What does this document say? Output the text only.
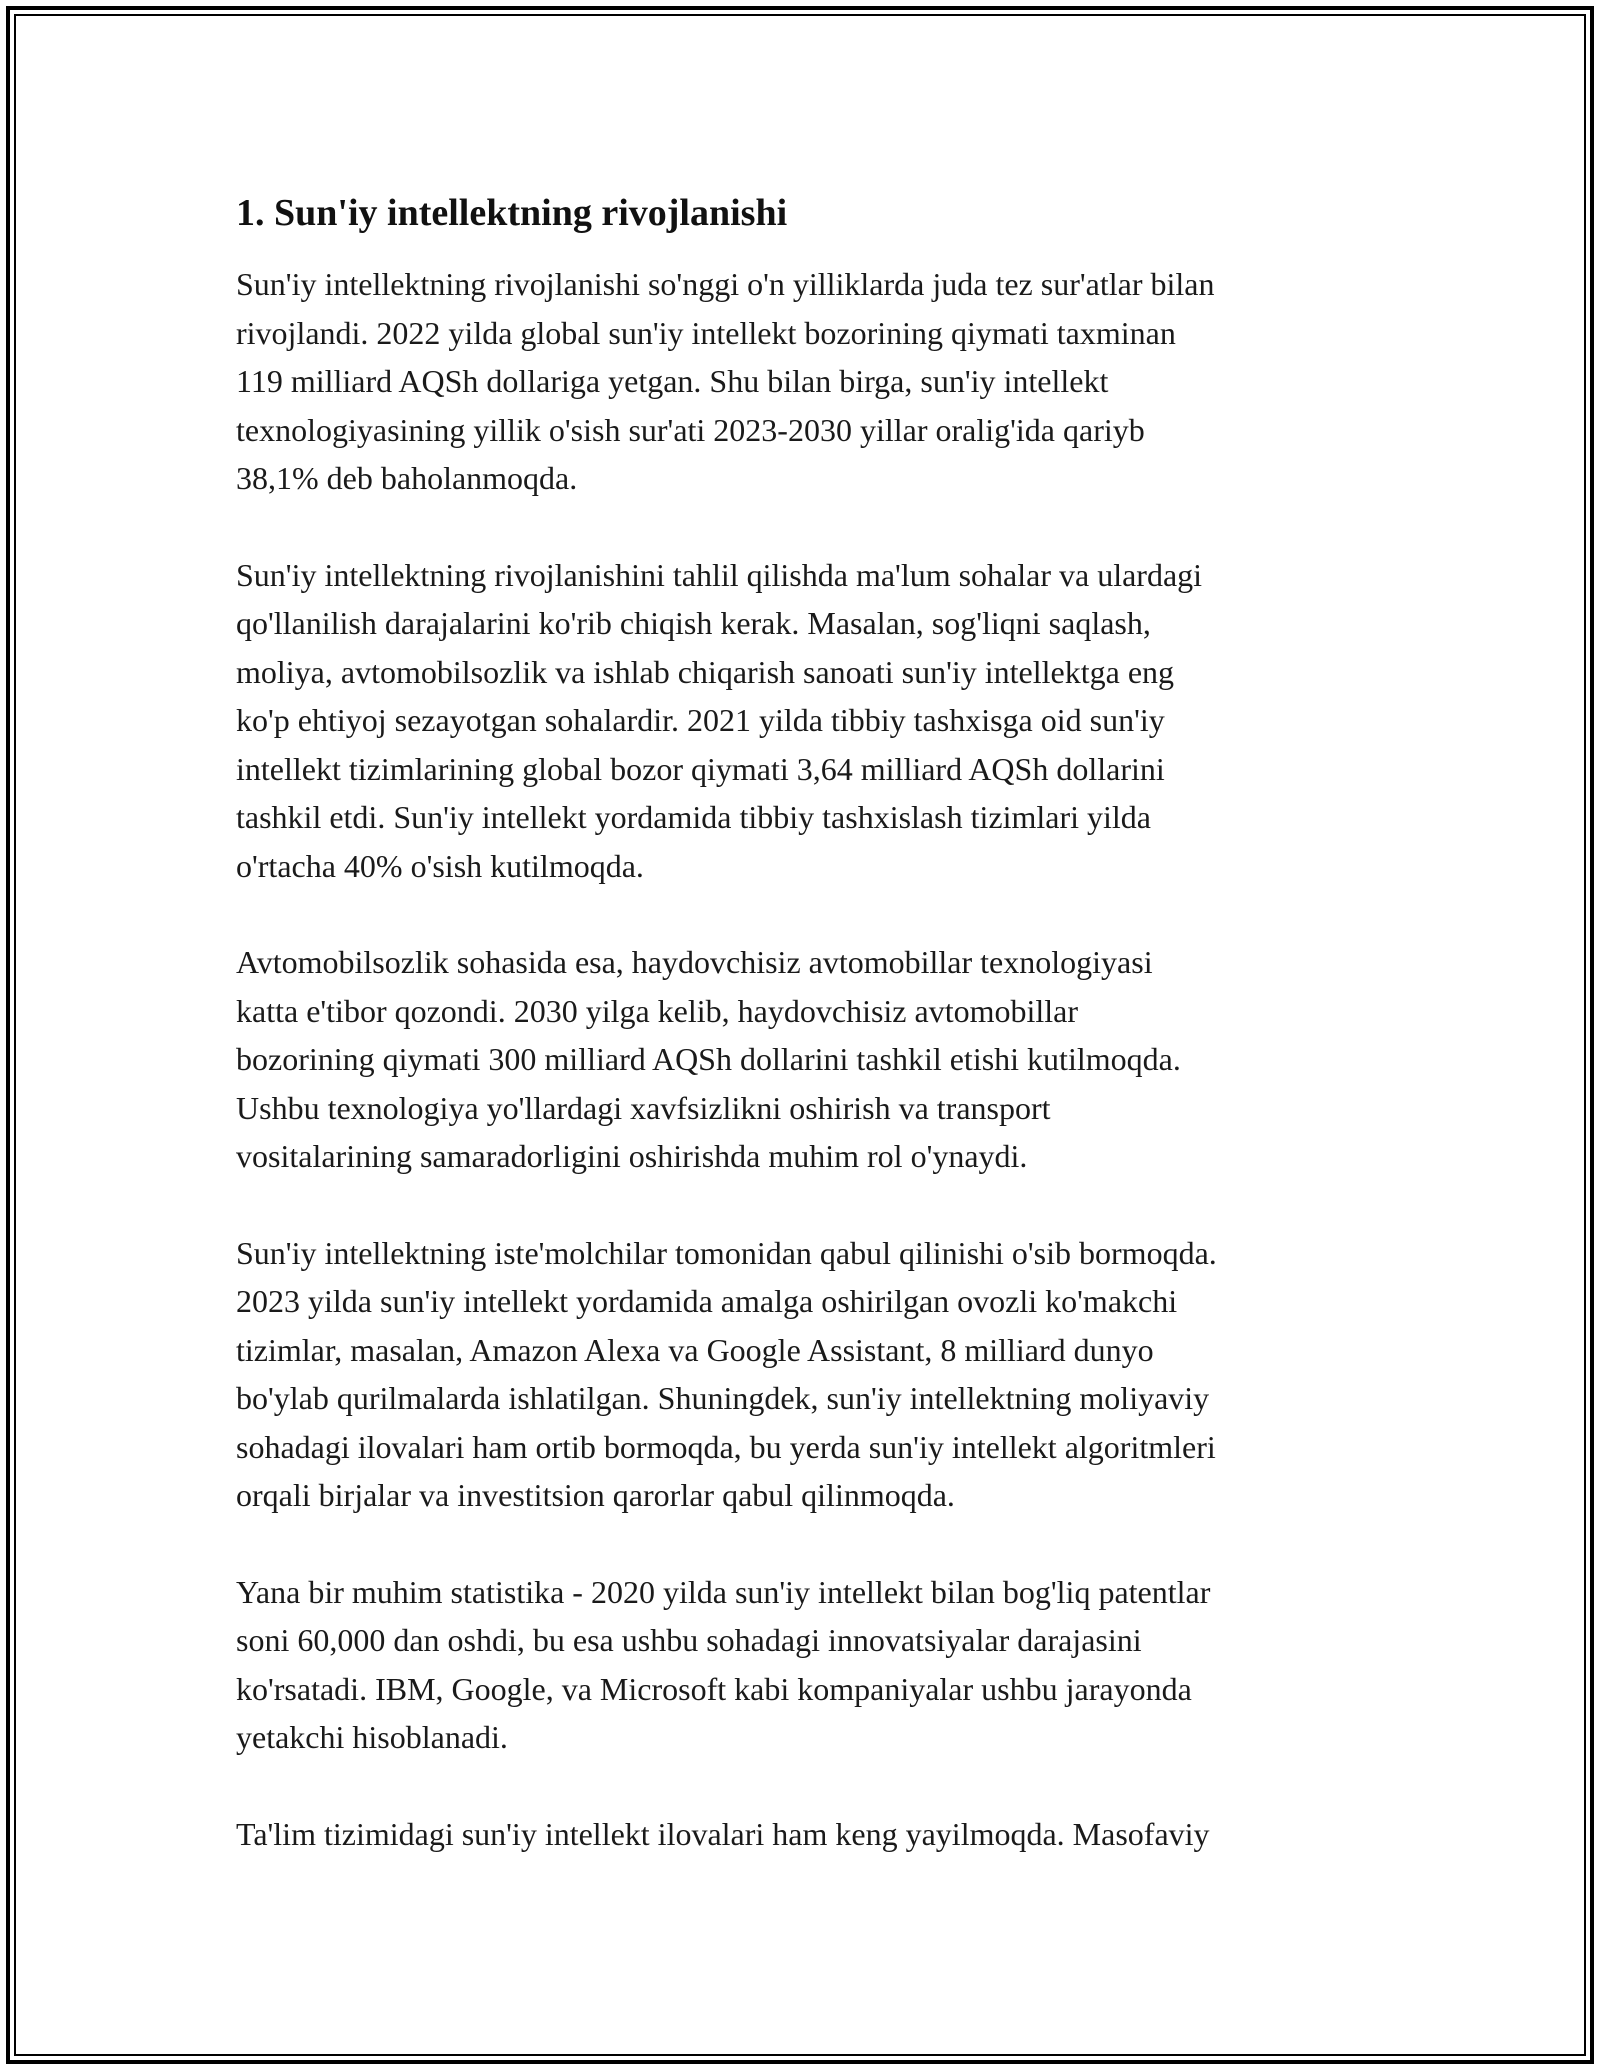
1. Sun'iy intellektning rivojlanishi

Sun'iy intellektning rivojlanishi so'nggi o'n yilliklarda juda tez sur'atlar bilan
rivojlandi. 2022 yilda global sun'iy intellekt bozorining qiymati taxminan
119 milliard AQSh dollariga yetgan. Shu bilan birga, sun'iy intellekt
texnologiyasining yillik o'sish sur'ati 2023-2030 yillar oralig'ida qariyb
38,1% deb baholanmoqda.

Sun'iy intellektning rivojlanishini tahlil qilishda ma'lum sohalar va ulardagi
qo'llanilish darajalarini ko'rib chiqish kerak. Masalan, sog'liqni saqlash,
moliya, avtomobilsozlik va ishlab chiqarish sanoati sun'iy intellektga eng
ko'p ehtiyoj sezayotgan sohalardir. 2021 yilda tibbiy tashxisga oid sun'iy
intellekt tizimlarining global bozor qiymati 3,64 milliard AQSh dollarini
tashkil etdi. Sun'iy intellekt yordamida tibbiy tashxislash tizimlari yilda
o'rtacha 40% o'sish kutilmoqda.

Avtomobilsozlik sohasida esa, haydovchisiz avtomobillar texnologiyasi
katta e'tibor qozondi. 2030 yilga kelib, haydovchisiz avtomobillar
bozorining qiymati 300 milliard AQSh dollarini tashkil etishi kutilmoqda.
Ushbu texnologiya yo'llardagi xavfsizlikni oshirish va transport
vositalarining samaradorligini oshirishda muhim rol o'ynaydi.

Sun'iy intellektning iste'molchilar tomonidan qabul qilinishi o'sib bormoqda.
2023 yilda sun'iy intellekt yordamida amalga oshirilgan ovozli ko'makchi
tizimlar, masalan, Amazon Alexa va Google Assistant, 8 milliard dunyo
bo'ylab qurilmalarda ishlatilgan. Shuningdek, sun'iy intellektning moliyaviy
sohadagi ilovalari ham ortib bormoqda, bu yerda sun'iy intellekt algoritmleri
orqali birjalar va investitsion qarorlar qabul qilinmoqda.

Yana bir muhim statistika - 2020 yilda sun'iy intellekt bilan bog'liq patentlar
soni 60,000 dan oshdi, bu esa ushbu sohadagi innovatsiyalar darajasini
ko'rsatadi. IBM, Google, va Microsoft kabi kompaniyalar ushbu jarayonda
yetakchi hisoblanadi.

Ta'lim tizimidagi sun'iy intellekt ilovalari ham keng yayilmoqda. Masofaviy
